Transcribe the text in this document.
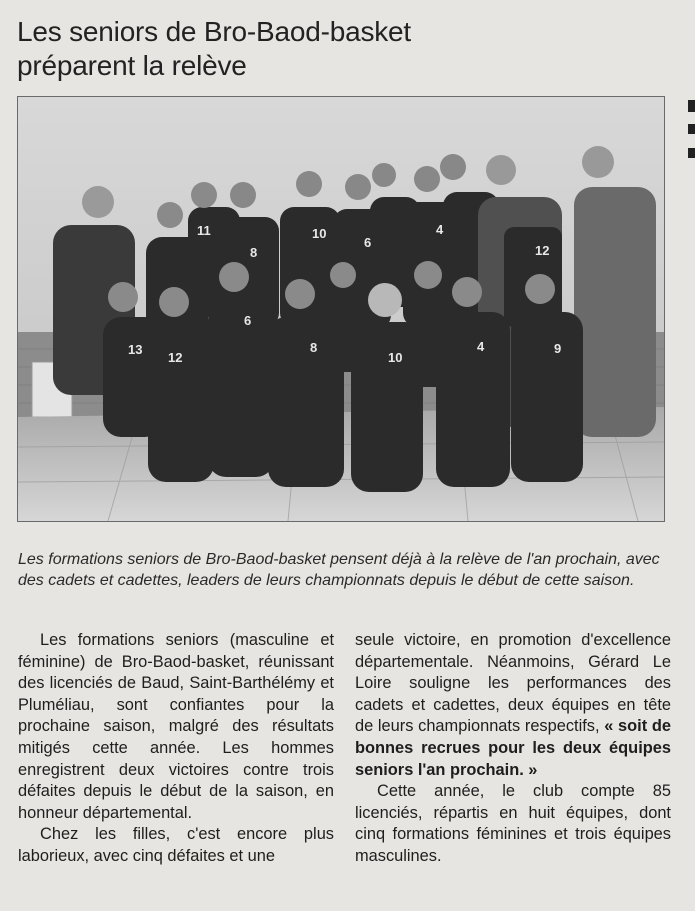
Les seniors de Bro-Baod-basket
préparent la relève
11
8
10
6
4
12
13
12
6
8
10
4	9
Les formations seniors de Bro-Baod-basket pensent déjà à la relève de l'an prochain, avec des cadets et cadettes, leaders de leurs championnats depuis le début de cette saison.

Les formations seniors (masculine et féminine) de Bro-Baod-basket, réunissant des licenciés de Baud, Saint-Barthélémy et Pluméliau, sont confiantes pour la prochaine saison, malgré des résultats mitigés cette année. Les hommes enregistrent deux victoires contre trois défaites depuis le début de la saison, en honneur départemental.

Chez les filles, c'est encore plus laborieux, avec cinq défaites et une

seule victoire, en promotion d'excellence départementale. Néanmoins, Gérard Le Loire souligne les performances des cadets et cadettes, deux équipes en tête de leurs championnats respectifs, « soit de bonnes recrues pour les deux équipes seniors l'an prochain. »

Cette année, le club compte 85 licenciés, répartis en huit équipes, dont cinq formations féminines et trois équipes masculines.
